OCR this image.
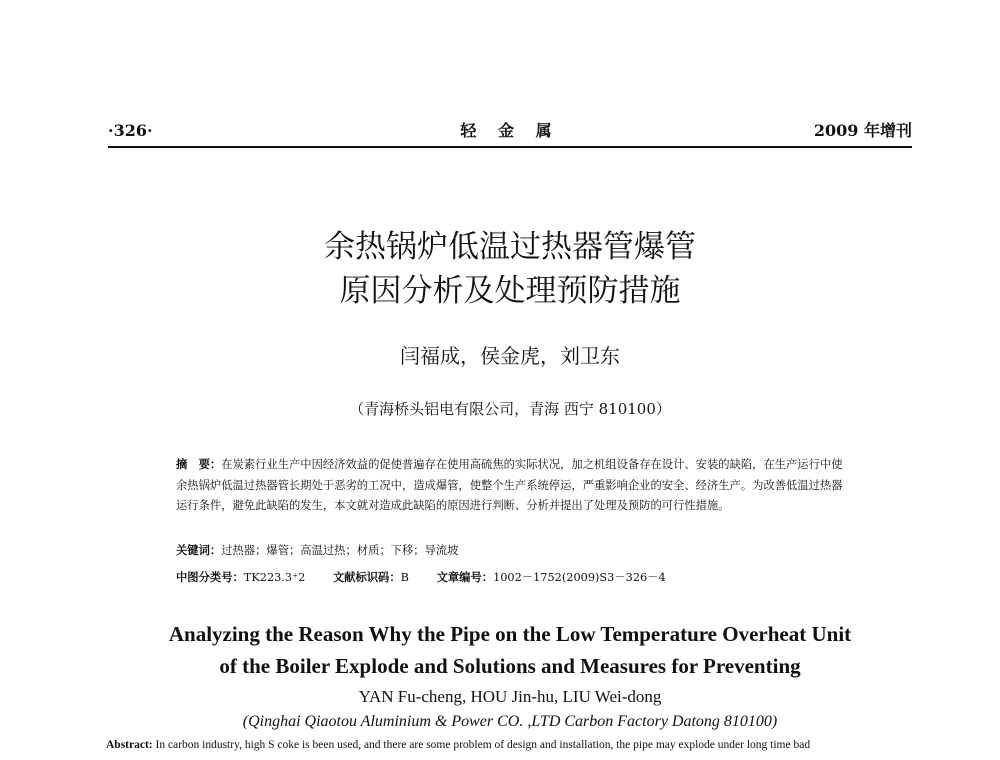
·326·	轻 金 属	2009 年增刊
余热锅炉低温过热器管爆管
原因分析及处理预防措施
闫福成，侯金虎，刘卫东
（青海桥头铝电有限公司，青海 西宁 810100）
摘　要：在炭素行业生产中因经济效益的促使普遍存在使用高硫焦的实际状况，加之机组设备存在设计、安装的缺陷，在生产运行中使余热锅炉低温过热器管长期处于恶劣的工况中，造成爆管，使整个生产系统停运，严重影响企业的安全、经济生产。为改善低温过热器运行条件，避免此缺陷的发生，本文就对造成此缺陷的原因进行判断、分析并提出了处理及预防的可行性措施。
关键词：过热器；爆管；高温过热；材质；下移；导流坡
中图分类号：TK223.3⁺2 文献标识码：B 文章编号：1002－1752(2009)S3－326－4
Analyzing the Reason Why the Pipe on the Low Temperature Overheat Unit
of the Boiler Explode and Solutions and Measures for Preventing
YAN Fu-cheng, HOU Jin-hu, LIU Wei-dong
(Qinghai Qiaotou Aluminium & Power CO. ,LTD Carbon Factory Datong 810100)
Abstract: In carbon industry, high S coke is been used, and there are some problem of design and installation, the pipe may explode under long time bad
